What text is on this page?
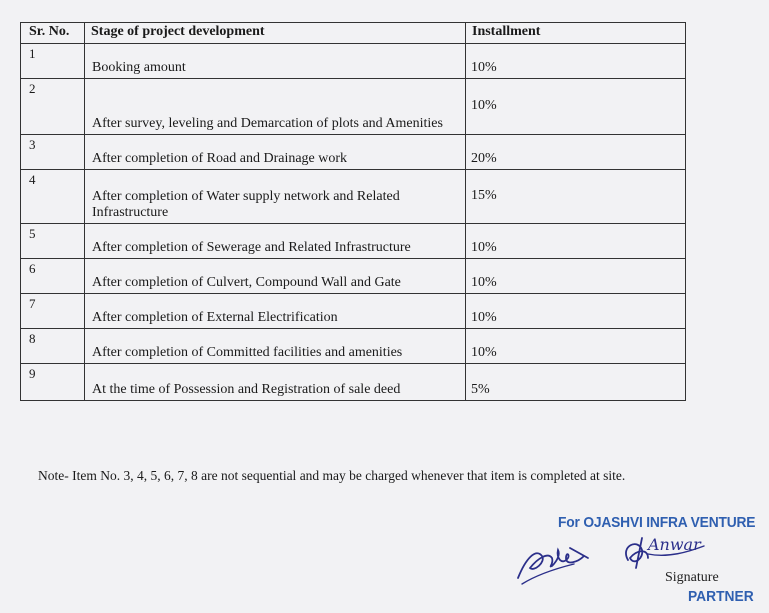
Sr. No.	Stage of project development	Installment
1	Booking amount	10%
2	After survey, leveling and Demarcation of plots and Amenities	10%
3	After completion of Road and Drainage work	20%
4	After completion of Water supply network and Related Infrastructure	15%
5	After completion of Sewerage and Related Infrastructure	10%
6	After completion of Culvert, Compound Wall and Gate	10%
7	After completion of External Electrification	10%
8	After completion of Committed facilities and amenities	10%
9	At the time of Possession and Registration of sale deed	5%
Note- Item No. 3, 4, 5, 6, 7, 8 are not sequential and may be charged whenever that item is completed at site.
For OJASHVI INFRA VENTURE
Anwar
Signature
PARTNER
